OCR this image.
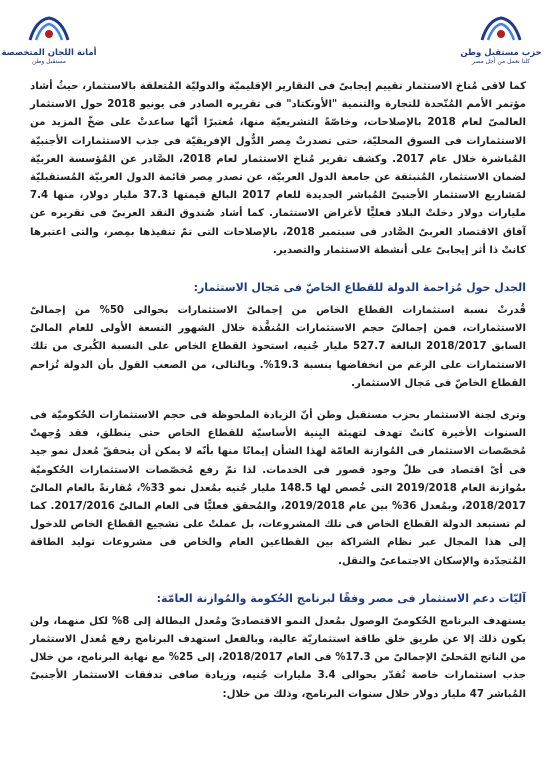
أمانة اللجان المتخصصة
مستقبل وطن
حزب مستقبل وطن
كلنا نعمل من أجل مصر

كما لاقى مُناخ الاستثمار تقييم إيجابىّ فى التقارير الإقليميّة والدوليّة المُتعلقة بالاستثمار، حيثُ أشاد مؤتمر الأمم المُتّحدة للتجارة والتنمية "الأونكتاد" فى تقريره الصادر فى يونيو 2018 حول الاستثمار العالمىّ لعام 2018 بالإصلاحات، وخاصّةً التشريعيّة منها، مُعتبرًا أنّها ساعدتْ على ضخّ المزيد من الاستثمارات فى السوق المحليّة، حتى تصدرتْ مِصر الدُّول الإفريقيّة فى جذب الاستثمارات الأجنبيّة المُباشرة خلال عام 2017. وكشف تقرير مُناخ الاستثمار لعام 2018، الصَّادر عن المُؤسسة العربيّة لضمان الاستثمار، المُنبثقة عن جامعة الدول العربيّة، عن تصدر مِصر قائمة الدول العربيّة المُستقبليّة لمَشاريع الاستثمار الأجنبىّ المُباشر الجديدة للعام 2017 البالغ قيمتها 37.3 مليار دولار، منها 7.4 مليارات دولار دخلتْ البلاد فعليًّا لأغراض الاستثمار. كما أشاد صُندوق النقد العربىّ فى تقريره عن آفاق الاقتصاد العربىّ الصَّادر فى سبتمبر 2018، بالإصلاحات التى تمّ تنفيذها بمِصر، والتى اعتبرها كانتْ ذا أثر إيجابىّ على أنشطة الاستثمار والتصدير.

الجدل حول مُزاحمة الدولة للقطاع الخاصّ فى مَجال الاستثمار:

قُدرتْ نسبة استثمارات القطاع الخاص من إجمالىّ الاستثمارات بحوالى 50% من إجمالىّ الاستثمارات، فمن إجمالىّ حجم الاستثمارات المُنفَّذة خلال الشهور التسعة الأولى للعام المالىّ السابق 2018/2017 البالغة 527.7 مليار جُنيه، استحوذ القطاع الخاص على النسبة الكُبرى من تلك الاستثمارات على الرغم من انخفاضها بنسبة 19.3%. وبالتالى، من الصعب القول بأن الدولة تُزاحم القطاع الخاصّ فى مَجال الاستثمار.

وترى لجنة الاستثمار بحزب مستقبل وطن أنّ الزيادة الملحوظة فى حجم الاستثمارات الحُكوميّة فى السنوات الأخيرة كانتْ تهدف لتهيئة البِنية الأساسيّة للقطاع الخاص حتى ينطلق، فقد وُجهتْ مُخصّصات الاستثمار فى المُوازنة العامّة لهذا الشأن إيمانًا منها بأنّه لا يمكن أن يتحققّ مُعدل نمو جيد فى أىّ اقتصاد فى ظلّ وجود قصور فى الخدمات. لذا تمّ رفع مُخصّصات الاستثمارات الحُكوميّة بمُوازنة العام 2019/2018 التى خُصص لها 148.5 مليار جُنيه بمُعدل نمو 33%، مُقارنةً بالعام المالىّ 2018/2017، وبمُعدل 36% بين عام 2019/2018، والمُحقق فعليًّا فى العام المالىّ 2017/2016. كما لم تستبعد الدولة القطاع الخاص فى تلك المشروعات، بل عملتْ على تشجيع القطاع الخاص للدخول إلى هذا المجال عبر نظام الشراكة بين القطاعين العام والخاص فى مشروعات توليد الطاقة المُتجدّدة والإسكان الاجتماعىّ والنقل.

آليّات دعم الاستثمار فى مصر وفقًا لبرنامج الحُكومة والمُوازنة العامّة:

يستهدف البرنامج الحُكومىّ الوصول بمُعدل النمو الاقتصادىّ ومُعدل البطالة إلى 8% لكل منهما، ولن يكون ذلك إلا عن طريق خلق طاقة استثماريّة عالية، وبالفعل استهدف البرنامج رفع مُعدل الاستثمار من الناتج المَحلىّ الإجمالىّ من 17.3% فى العام 2018/2017، إلى 25% مع نهاية البرنامج، من خلال جذب استثمارات خاصة تُقدّر بحوالى 3.4 مليارات جُنيه، وزيادة صافى تدفقات الاستثمار الأجنبىّ المُباشر 47 مليار دولار خلال سنوات البرنامج، وذلك من خلال:
